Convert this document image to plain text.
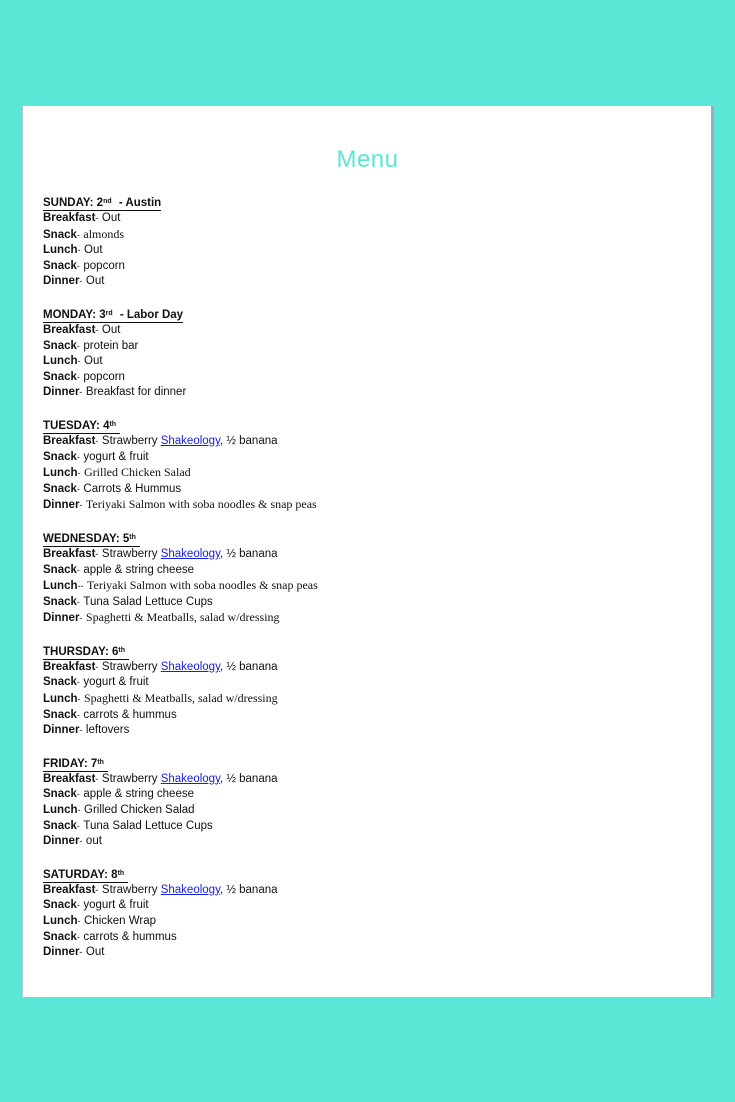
Menu
SUNDAY: 2nd - Austin
Breakfast- Out
Snack- almonds
Lunch- Out
Snack- popcorn
Dinner- Out
MONDAY: 3rd - Labor Day
Breakfast- Out
Snack- protein bar
Lunch- Out
Snack- popcorn
Dinner- Breakfast for dinner
TUESDAY: 4th
Breakfast- Strawberry Shakeology, ½ banana
Snack- yogurt & fruit
Lunch- Grilled Chicken Salad
Snack- Carrots & Hummus
Dinner- Teriyaki Salmon with soba noodles & snap peas
WEDNESDAY: 5th
Breakfast- Strawberry Shakeology, ½ banana
Snack- apple & string cheese
Lunch-- Teriyaki Salmon with soba noodles & snap peas
Snack- Tuna Salad Lettuce Cups
Dinner- Spaghetti & Meatballs, salad w/dressing
THURSDAY: 6th
Breakfast- Strawberry Shakeology, ½ banana
Snack- yogurt & fruit
Lunch- Spaghetti & Meatballs, salad w/dressing
Snack- carrots & hummus
Dinner- leftovers
FRIDAY: 7th
Breakfast- Strawberry Shakeology, ½ banana
Snack- apple & string cheese
Lunch- Grilled Chicken Salad
Snack- Tuna Salad Lettuce Cups
Dinner- out
SATURDAY: 8th
Breakfast- Strawberry Shakeology, ½ banana
Snack- yogurt & fruit
Lunch- Chicken Wrap
Snack- carrots & hummus
Dinner- Out
